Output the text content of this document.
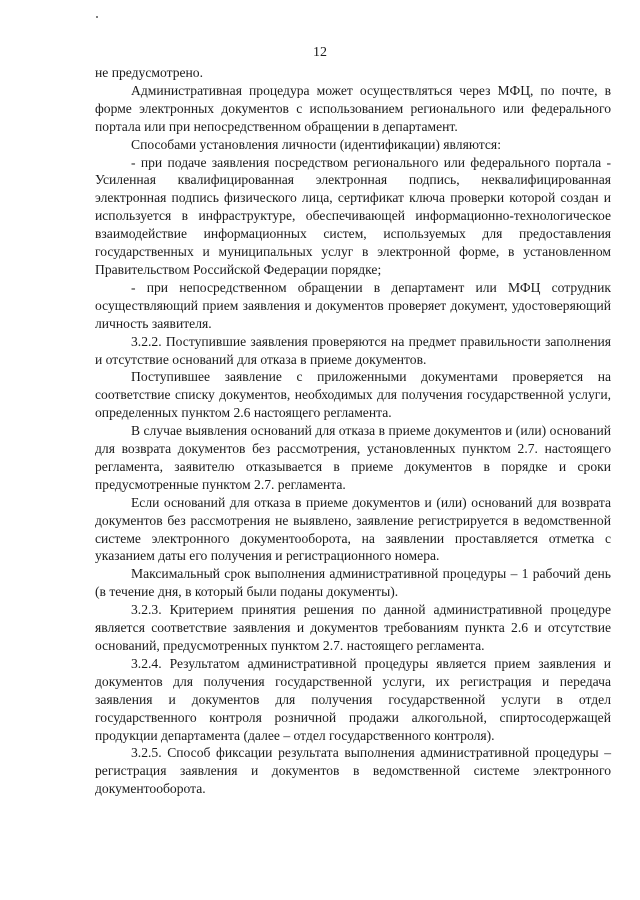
12

не предусмотрено.

Административная процедура может осуществляться через МФЦ, по почте, в форме электронных документов с использованием регионального или федерального портала или при непосредственном обращении в департамент.

Способами установления личности (идентификации) являются:

- при подаче заявления посредством регионального или федерального портала - Усиленная квалифицированная электронная подпись, неквалифицированная электронная подпись физического лица, сертификат ключа проверки которой создан и используется в инфраструктуре, обеспечивающей информационно-технологическое взаимодействие информационных систем, используемых для предоставления государственных и муниципальных услуг в электронной форме, в установленном Правительством Российской Федерации порядке;

- при непосредственном обращении в департамент или МФЦ сотрудник осуществляющий прием заявления и документов проверяет документ, удостоверяющий личность заявителя.

3.2.2. Поступившие заявления проверяются на предмет правильности заполнения и отсутствие оснований для отказа в приеме документов.

Поступившее заявление с приложенными документами проверяется на соответствие списку документов, необходимых для получения государственной услуги, определенных пунктом 2.6 настоящего регламента.

В случае выявления оснований для отказа в приеме документов и (или) оснований для возврата документов без рассмотрения, установленных пунктом 2.7. настоящего регламента, заявителю отказывается в приеме документов в порядке и сроки предусмотренные пунктом 2.7. регламента.

Если оснований для отказа в приеме документов и (или) оснований для возврата документов без рассмотрения не выявлено, заявление регистрируется в ведомственной системе электронного документооборота, на заявлении проставляется отметка с указанием даты его получения и регистрационного номера.

Максимальный срок выполнения административной процедуры – 1 рабочий день (в течение дня, в который были поданы документы).

3.2.3. Критерием принятия решения по данной административной процедуре является соответствие заявления и документов требованиям пункта 2.6 и отсутствие оснований, предусмотренных пунктом 2.7. настоящего регламента.

3.2.4. Результатом административной процедуры является прием заявления и документов для получения государственной услуги, их регистрация и передача заявления и документов для получения государственной услуги в отдел государственного контроля розничной продажи алкогольной, спиртосодержащей продукции департамента (далее – отдел государственного контроля).

3.2.5. Способ фиксации результата выполнения административной процедуры – регистрация заявления и документов в ведомственной системе электронного документооборота.
